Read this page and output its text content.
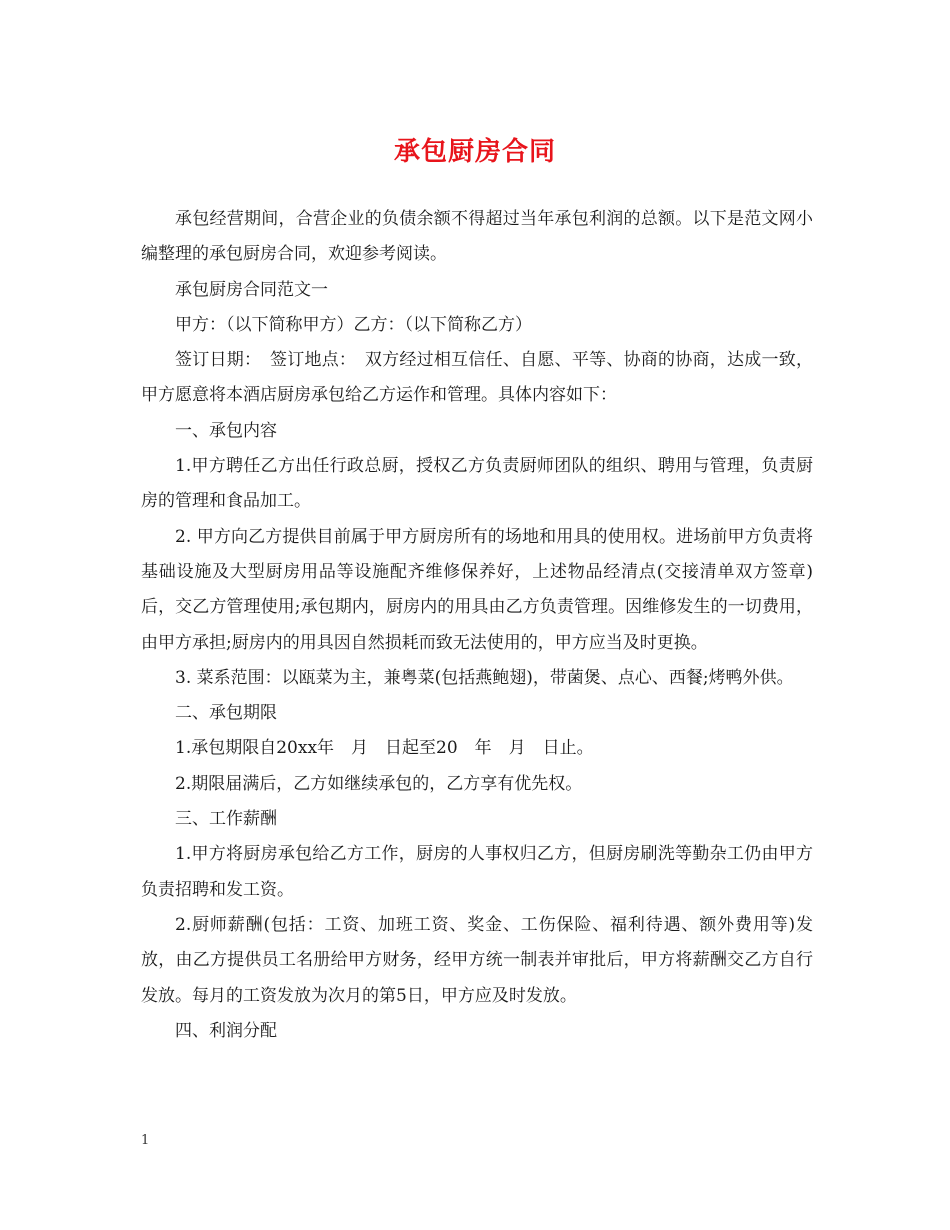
承包厨房合同

承包经营期间，合营企业的负债余额不得超过当年承包利润的总额。以下是范文网小编整理的承包厨房合同，欢迎参考阅读。

承包厨房合同范文一

甲方：（以下简称甲方）乙方：（以下简称乙方）

签订日期：　签订地点：　双方经过相互信任、自愿、平等、协商的协商，达成一致，甲方愿意将本酒店厨房承包给乙方运作和管理。具体内容如下：

一、承包内容

1.甲方聘任乙方出任行政总厨，授权乙方负责厨师团队的组织、聘用与管理，负责厨房的管理和食品加工。

2. 甲方向乙方提供目前属于甲方厨房所有的场地和用具的使用权。进场前甲方负责将基础设施及大型厨房用品等设施配齐维修保养好，上述物品经清点(交接清单双方签章)后，交乙方管理使用;承包期内，厨房内的用具由乙方负责管理。因维修发生的一切费用，由甲方承担;厨房内的用具因自然损耗而致无法使用的，甲方应当及时更换。

3. 菜系范围：以瓯菜为主，兼粤菜(包括燕鲍翅)，带菌煲、点心、西餐;烤鸭外供。

二、承包期限

1.承包期限自20xx年　月　日起至20　年　月　日止。

2.期限届满后，乙方如继续承包的，乙方享有优先权。

三、工作薪酬

1.甲方将厨房承包给乙方工作，厨房的人事权归乙方，但厨房刷洗等勤杂工仍由甲方负责招聘和发工资。

2.厨师薪酬(包括：工资、加班工资、奖金、工伤保险、福利待遇、额外费用等)发放，由乙方提供员工名册给甲方财务，经甲方统一制表并审批后，甲方将薪酬交乙方自行发放。每月的工资发放为次月的第5日，甲方应及时发放。

四、利润分配

1
